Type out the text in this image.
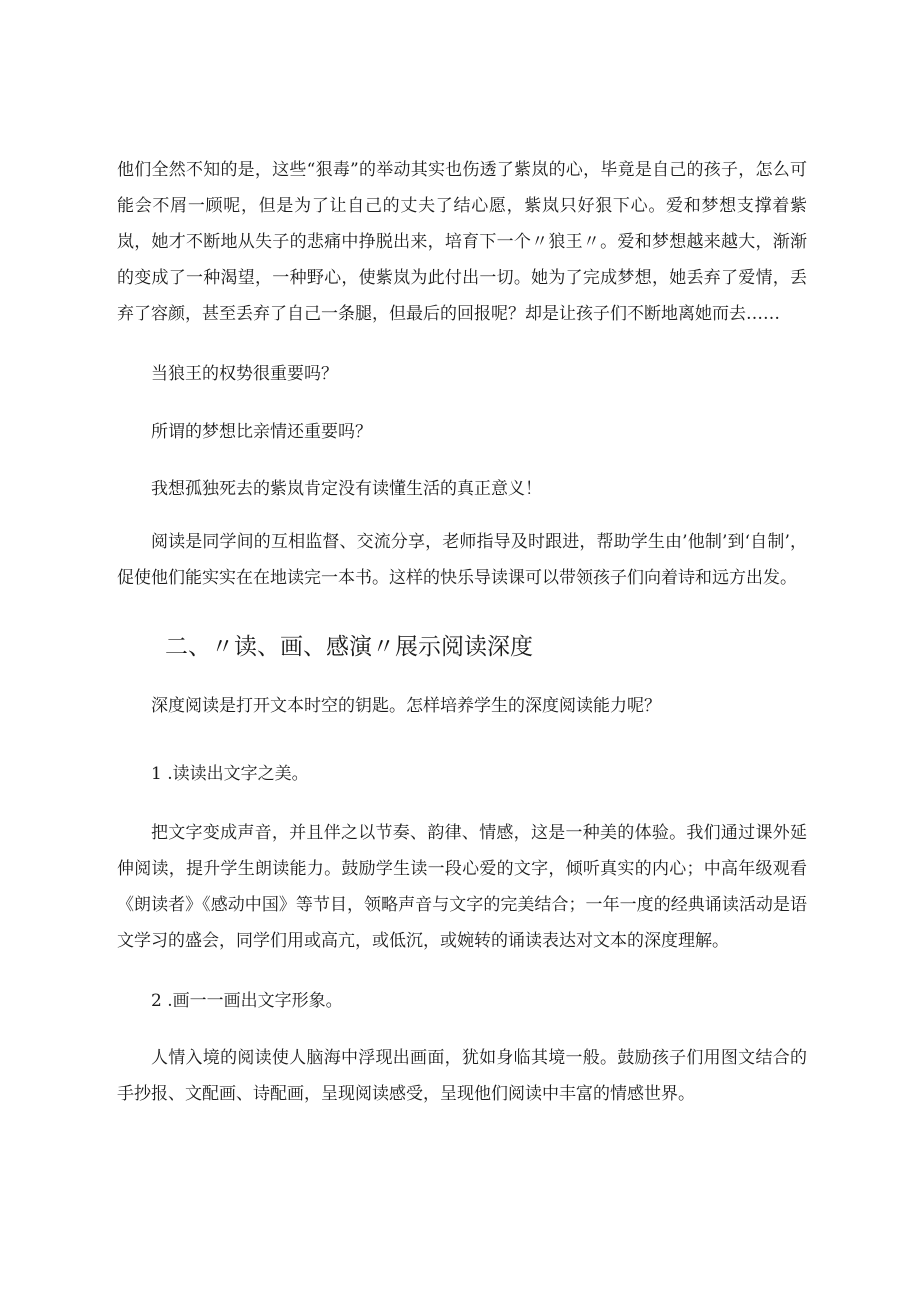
他们全然不知的是，这些“狠毒”的举动其实也伤透了紫岚的心，毕竟是自己的孩子，怎么可能会不屑一顾呢，但是为了让自己的丈夫了结心愿，紫岚只好狠下心。爱和梦想支撑着紫岚，她才不断地从失子的悲痛中挣脱出来，培育下一个〃狼王〃。爱和梦想越来越大，渐渐的变成了一种渴望，一种野心，使紫岚为此付出一切。她为了完成梦想，她丢弃了爱情，丢弃了容颜，甚至丢弃了自己一条腿，但最后的回报呢？却是让孩子们不断地离她而去……

当狼王的权势很重要吗？

所谓的梦想比亲情还重要吗？

我想孤独死去的紫岚肯定没有读懂生活的真正意义！

阅读是同学间的互相监督、交流分享，老师指导及时跟进，帮助学生由’他制’到‘自制’，促使他们能实实在在地读完一本书。这样的快乐导读课可以带领孩子们向着诗和远方出发。

二、〃读、画、感演〃展示阅读深度

深度阅读是打开文本时空的钥匙。怎样培养学生的深度阅读能力呢？

1 .读读出文字之美。

把文字变成声音，并且伴之以节奏、韵律、情感，这是一种美的体验。我们通过课外延伸阅读，提升学生朗读能力。鼓励学生读一段心爱的文字，倾听真实的内心；中高年级观看《朗读者》《感动中国》等节目，领略声音与文字的完美结合；一年一度的经典诵读活动是语文学习的盛会，同学们用或高亢，或低沉，或婉转的诵读表达对文本的深度理解。

2 .画一一画出文字形象。

人情入境的阅读使人脑海中浮现出画面，犹如身临其境一般。鼓励孩子们用图文结合的手抄报、文配画、诗配画，呈现阅读感受，呈现他们阅读中丰富的情感世界。
